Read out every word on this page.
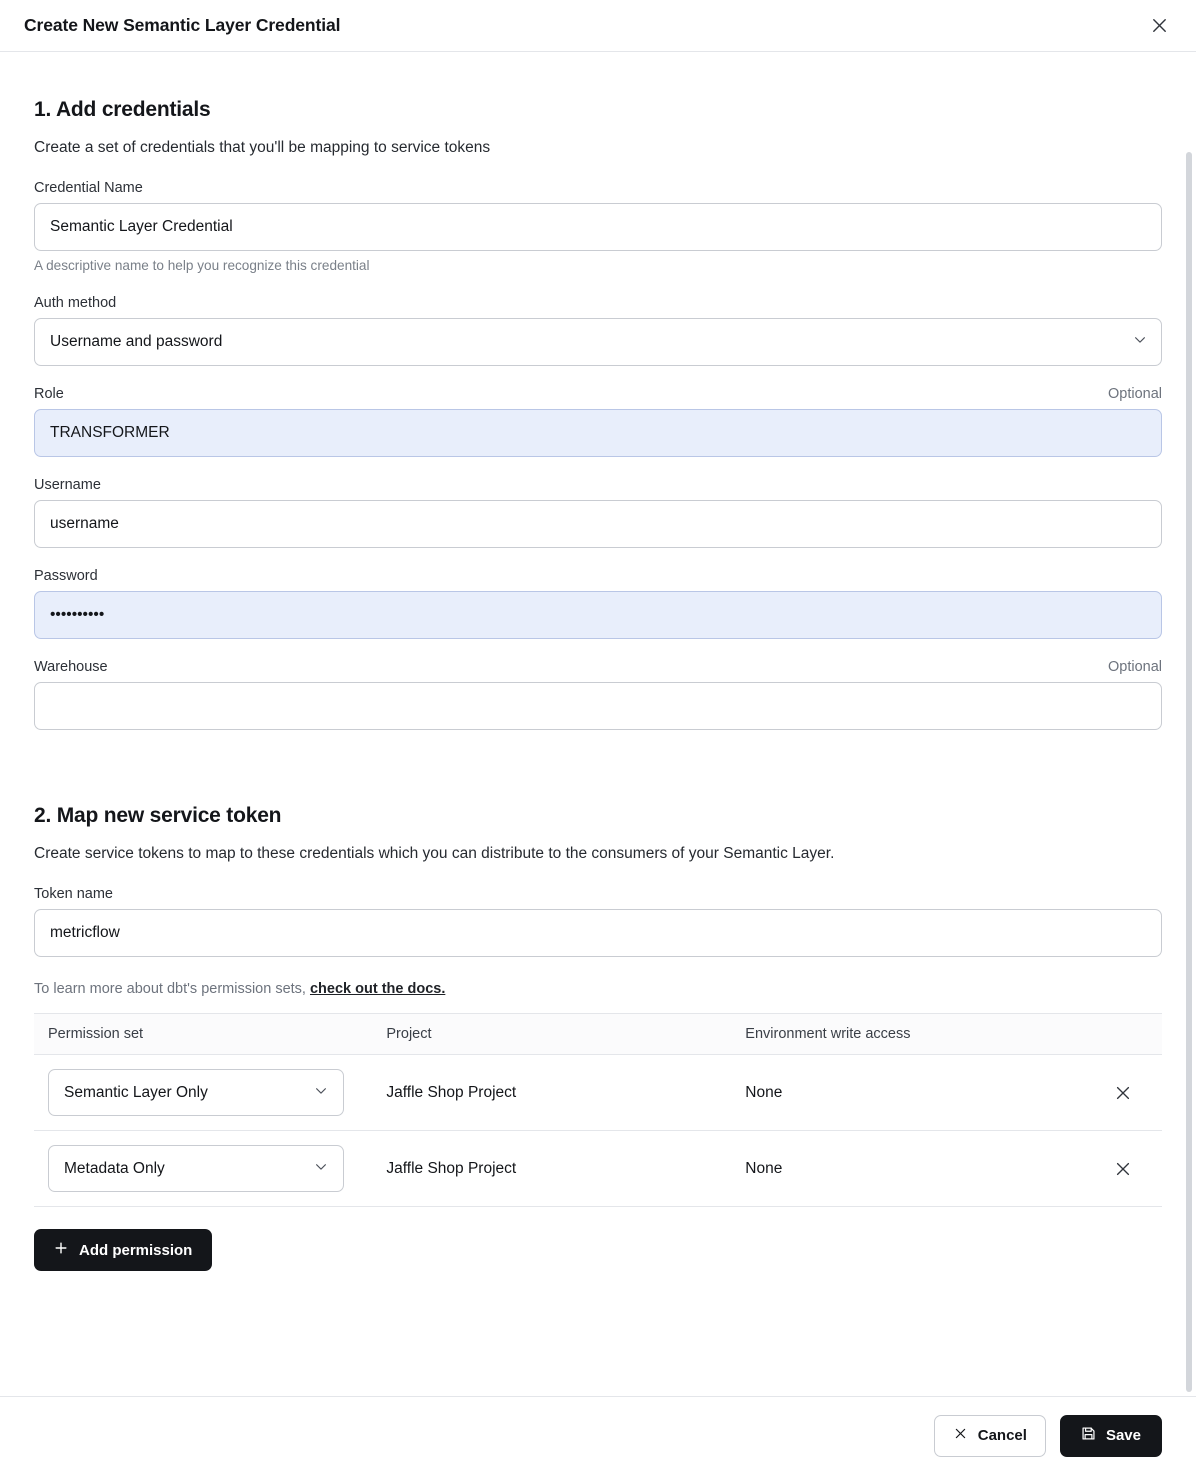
Create New Semantic Layer Credential
1. Add credentials

Create a set of credentials that you'll be mapping to service tokens

Credential Name
Semantic Layer Credential

A descriptive name to help you recognize this credential

Auth method
Username and password
Role	Optional
TRANSFORMER
Username
username
Password
••••••••••
Warehouse	Optional
2. Map new service token

Create service tokens to map to these credentials which you can distribute to the consumers of your Semantic Layer.

Token name
metricflow

To learn more about dbt's permission sets, check out the docs.

Permission set	Project	Environment write access	

Semantic Layer Only	Jaffle Shop Project	None	

Metadata Only	Jaffle Shop Project	None	
Add permission
Cancel	Save
